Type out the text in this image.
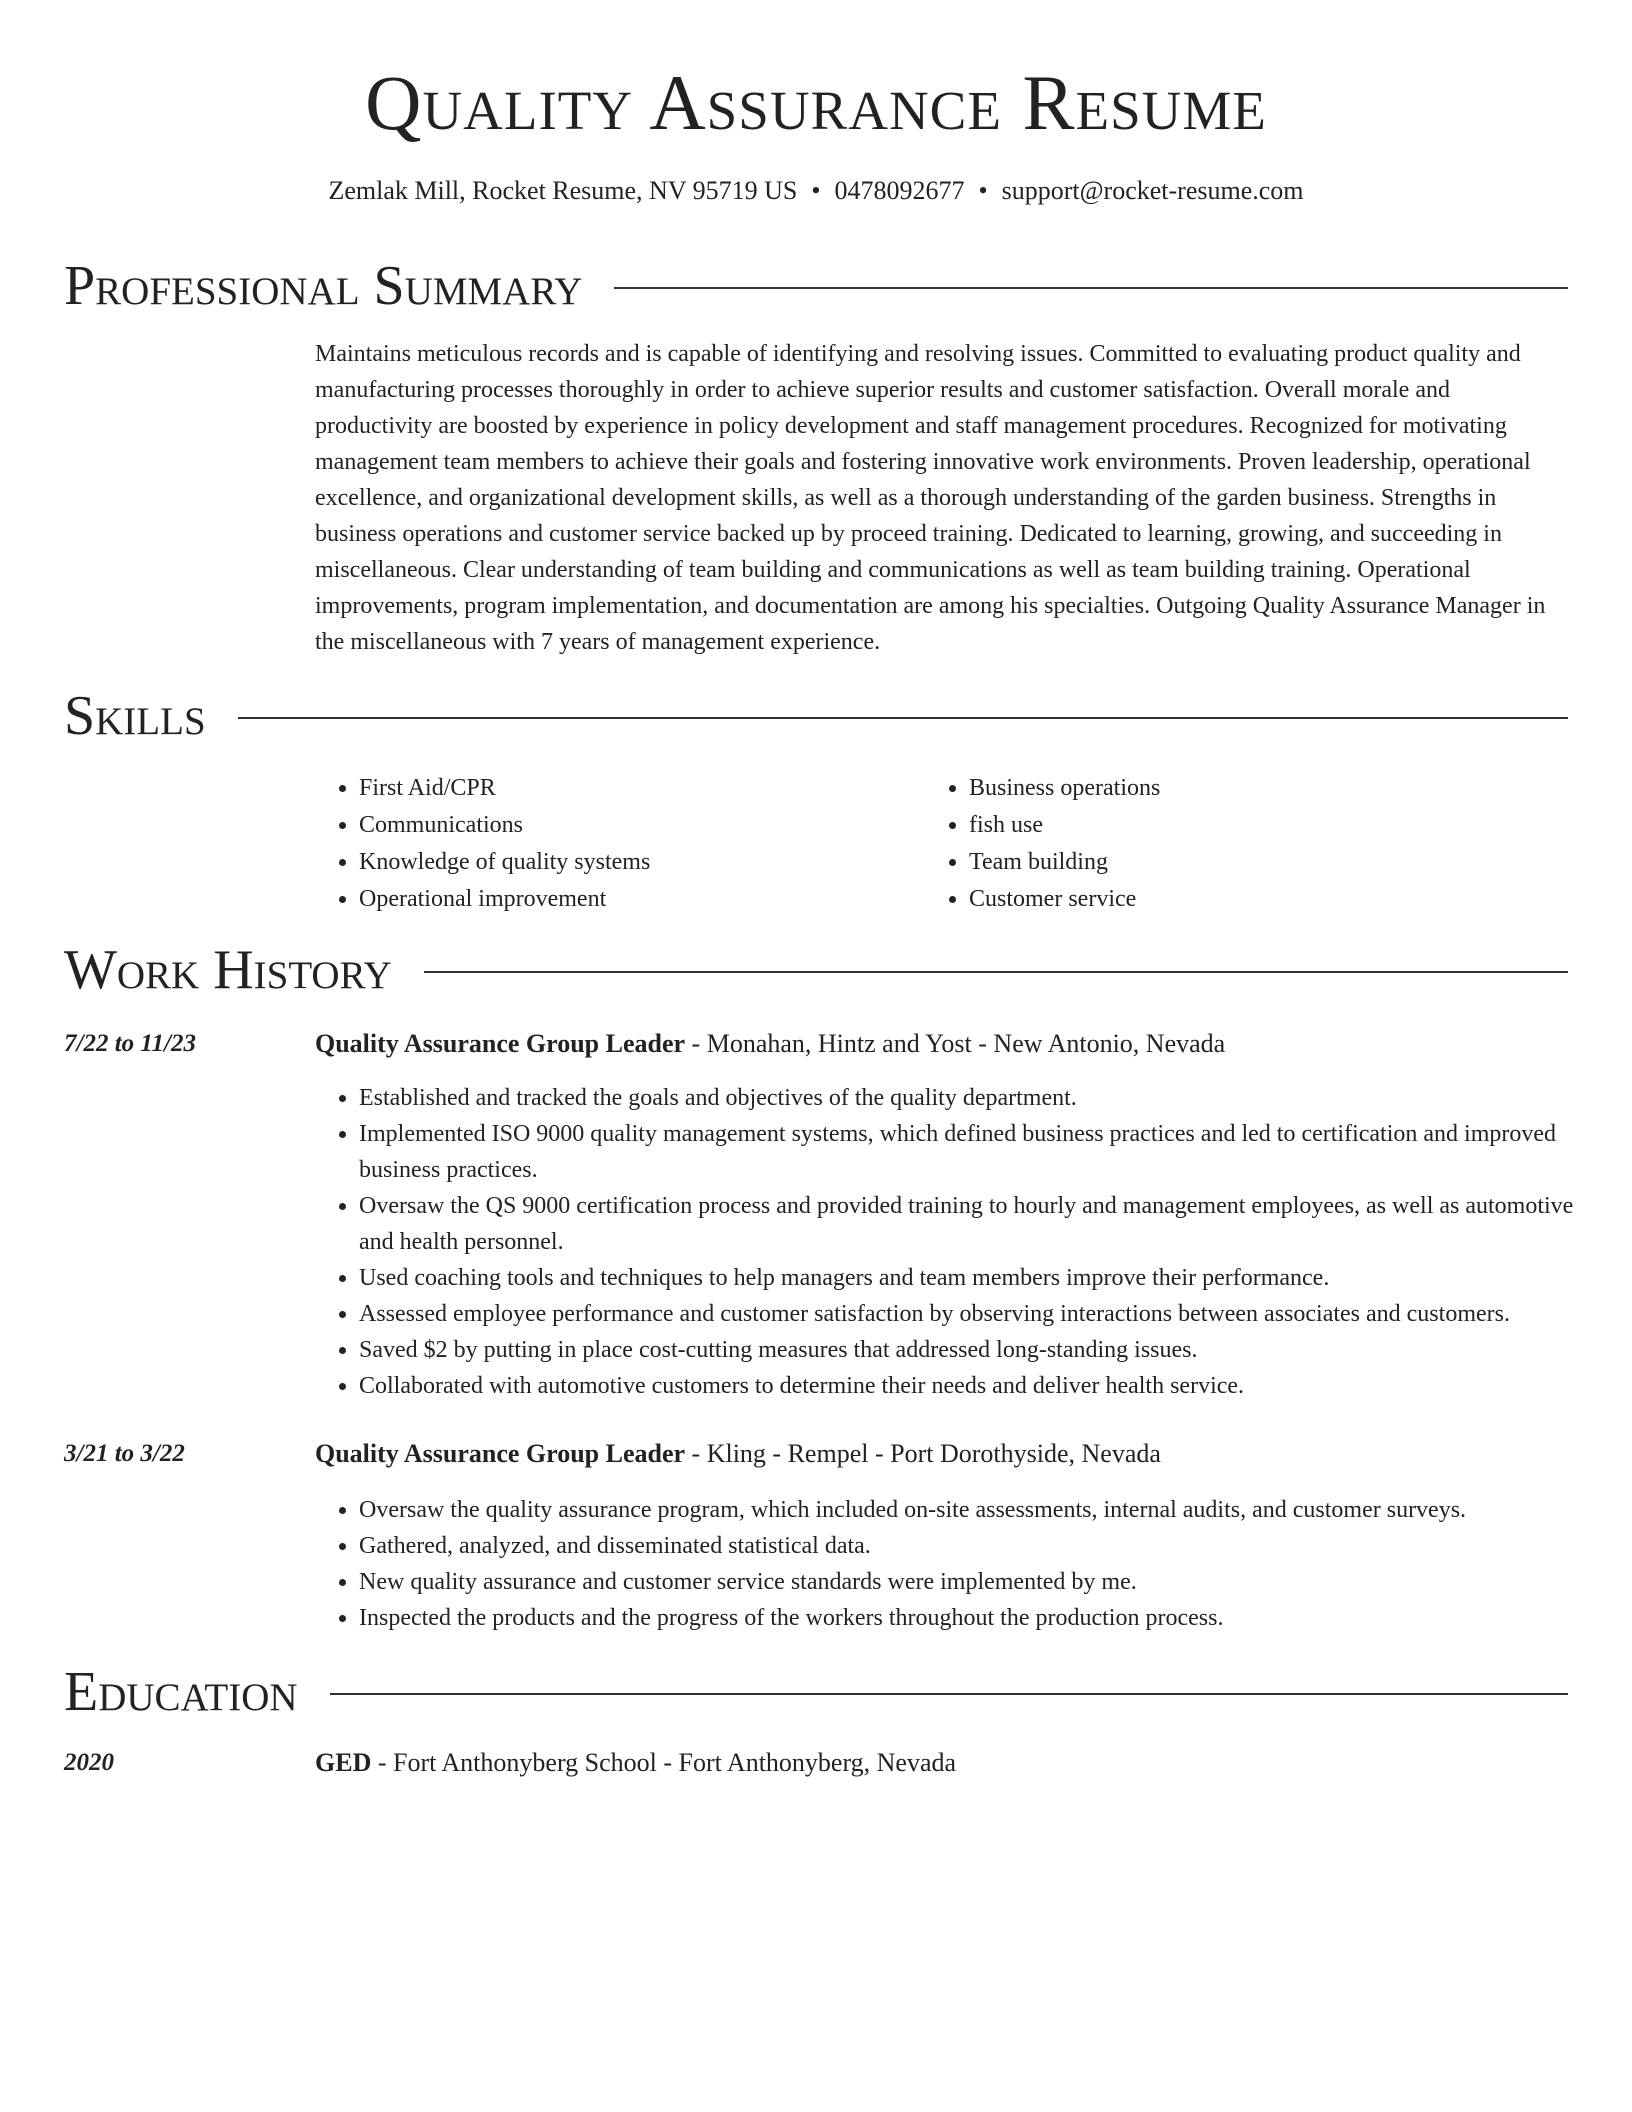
Quality Assurance Resume
Zemlak Mill, Rocket Resume, NV 95719 US • 0478092677 • support@rocket-resume.com
Professional Summary
Maintains meticulous records and is capable of identifying and resolving issues. Committed to evaluating product quality and manufacturing processes thoroughly in order to achieve superior results and customer satisfaction. Overall morale and productivity are boosted by experience in policy development and staff management procedures. Recognized for motivating management team members to achieve their goals and fostering innovative work environments. Proven leadership, operational excellence, and organizational development skills, as well as a thorough understanding of the garden business. Strengths in business operations and customer service backed up by proceed training. Dedicated to learning, growing, and succeeding in miscellaneous. Clear understanding of team building and communications as well as team building training. Operational improvements, program implementation, and documentation are among his specialties. Outgoing Quality Assurance Manager in the miscellaneous with 7 years of management experience.
Skills
• First Aid/CPR
• Communications
• Knowledge of quality systems
• Operational improvement
• Business operations
• fish use
• Team building
• Customer service
Work History
7/22 to 11/23	Quality Assurance Group Leader - Monahan, Hintz and Yost - New Antonio, Nevada
• Established and tracked the goals and objectives of the quality department.
• Implemented ISO 9000 quality management systems, which defined business practices and led to certification and improved business practices.
• Oversaw the QS 9000 certification process and provided training to hourly and management employees, as well as automotive and health personnel.
• Used coaching tools and techniques to help managers and team members improve their performance.
• Assessed employee performance and customer satisfaction by observing interactions between associates and customers.
• Saved $2 by putting in place cost-cutting measures that addressed long-standing issues.
• Collaborated with automotive customers to determine their needs and deliver health service.
3/21 to 3/22	Quality Assurance Group Leader - Kling - Rempel - Port Dorothyside, Nevada
• Oversaw the quality assurance program, which included on-site assessments, internal audits, and customer surveys.
• Gathered, analyzed, and disseminated statistical data.
• New quality assurance and customer service standards were implemented by me.
• Inspected the products and the progress of the workers throughout the production process.
Education
2020	GED - Fort Anthonyberg School - Fort Anthonyberg, Nevada
